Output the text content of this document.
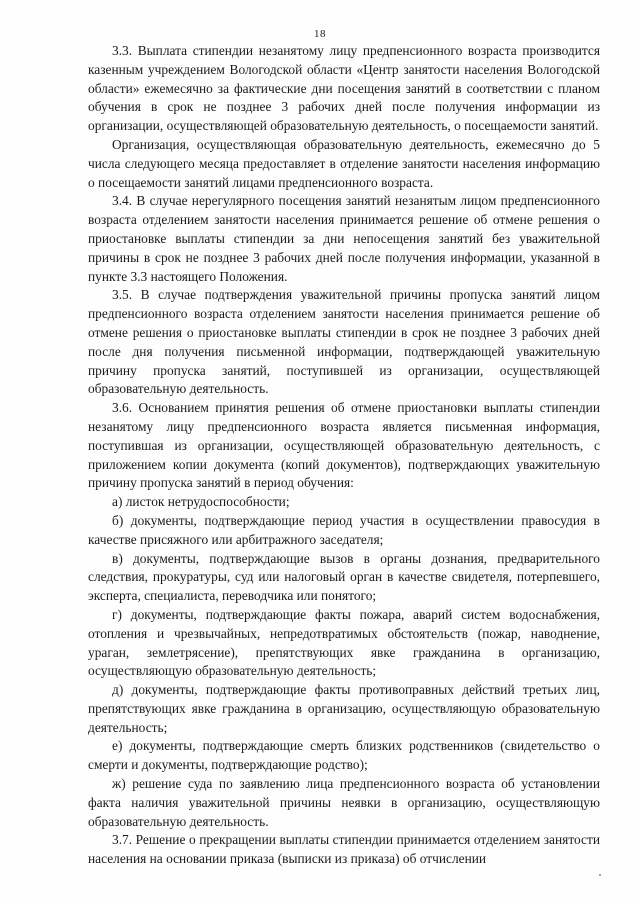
18

3.3. Выплата стипендии незанятому лицу предпенсионного возраста производится казенным учреждением Вологодской области «Центр занятости населения Вологодской области» ежемесячно за фактические дни посещения занятий в соответствии с планом обучения в срок не позднее 3 рабочих дней после получения информации из организации, осуществляющей образовательную деятельность, о посещаемости занятий.

Организация, осуществляющая образовательную деятельность, ежемесячно до 5 числа следующего месяца предоставляет в отделение занятости населения информацию о посещаемости занятий лицами предпенсионного возраста.

3.4. В случае нерегулярного посещения занятий незанятым лицом предпенсионного возраста отделением занятости населения принимается решение об отмене решения о приостановке выплаты стипендии за дни непосещения занятий без уважительной причины в срок не позднее 3 рабочих дней после получения информации, указанной в пункте 3.3 настоящего Положения.

3.5. В случае подтверждения уважительной причины пропуска занятий лицом предпенсионного возраста отделением занятости населения принимается решение об отмене решения о приостановке выплаты стипендии в срок не позднее 3 рабочих дней после дня получения письменной информации, подтверждающей уважительную причину пропуска занятий, поступившей из организации, осуществляющей образовательную деятельность.

3.6. Основанием принятия решения об отмене приостановки выплаты стипендии незанятому лицу предпенсионного возраста является письменная информация, поступившая из организации, осуществляющей образовательную деятельность, с приложением копии документа (копий документов), подтверждающих уважительную причину пропуска занятий в период обучения:

а) листок нетрудоспособности;

б) документы, подтверждающие период участия в осуществлении правосудия в качестве присяжного или арбитражного заседателя;

в) документы, подтверждающие вызов в органы дознания, предварительного следствия, прокуратуры, суд или налоговый орган в качестве свидетеля, потерпевшего, эксперта, специалиста, переводчика или понятого;

г) документы, подтверждающие факты пожара, аварий систем водоснабжения, отопления и чрезвычайных, непредотвратимых обстоятельств (пожар, наводнение, ураган, землетрясение), препятствующих явке гражданина в организацию, осуществляющую образовательную деятельность;

д) документы, подтверждающие факты противоправных действий третьих лиц, препятствующих явке гражданина в организацию, осуществляющую образовательную деятельность;

е) документы, подтверждающие смерть близких родственников (свидетельство о смерти и документы, подтверждающие родство);

ж) решение суда по заявлению лица предпенсионного возраста об установлении факта наличия уважительной причины неявки в организацию, осуществляющую образовательную деятельность.

3.7. Решение о прекращении выплаты стипендии принимается отделением занятости населения на основании приказа (выписки из приказа) об отчислении
